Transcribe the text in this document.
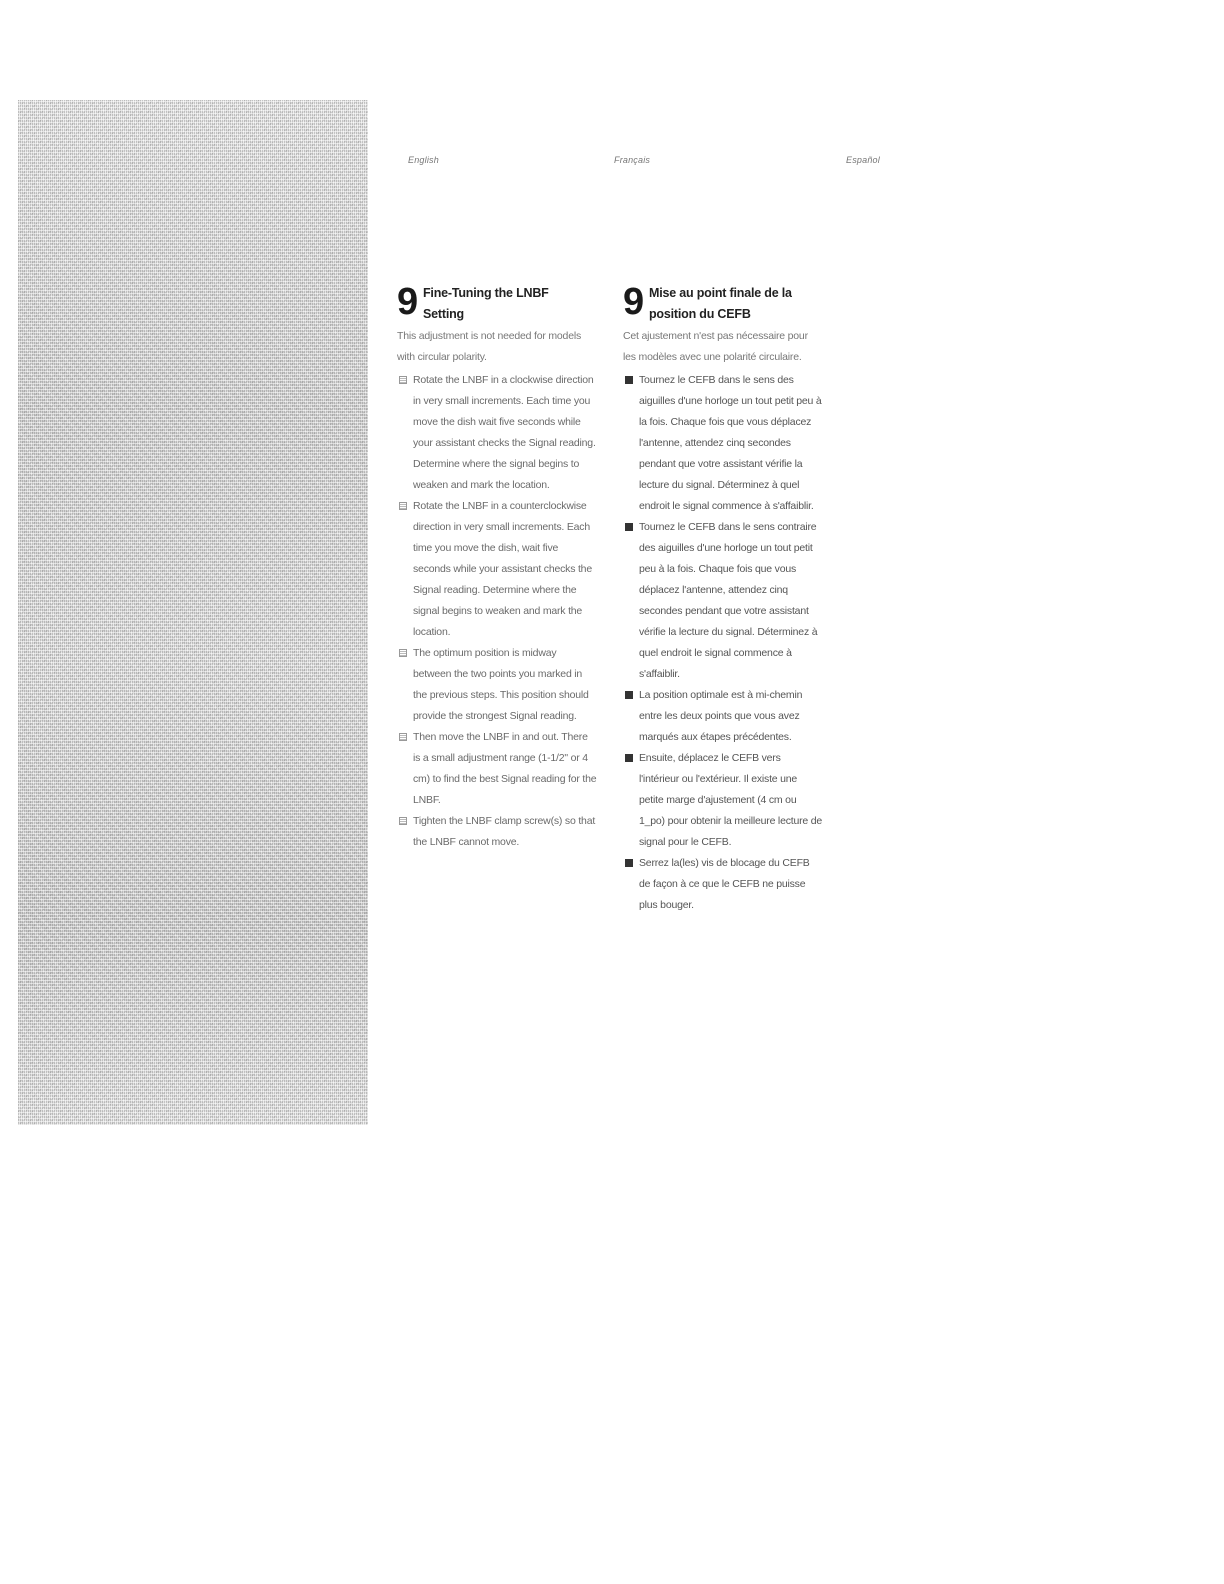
English	Français	Español
9 Fine-Tuning the LNBF
Setting
This adjustment is not needed for models with circular polarity.
Rotate the LNBF in a clockwise direction in very small increments. Each time you move the dish wait five seconds while your assistant checks the Signal reading. Determine where the signal begins to weaken and mark the location.
Rotate the LNBF in a counterclockwise direction in very small increments. Each time you move the dish, wait five seconds while your assistant checks the Signal reading. Determine where the signal begins to weaken and mark the location.
The optimum position is midway between the two points you marked in the previous steps. This position should provide the strongest Signal reading.
Then move the LNBF in and out. There is a small adjustment range (1-1/2" or 4 cm) to find the best Signal reading for the LNBF.
Tighten the LNBF clamp screw(s) so that the LNBF cannot move.
9 Mise au point finale de la
position du CEFB
Cet ajustement n'est pas nécessaire pour les modèles avec une polarité circulaire.
Tournez le CEFB dans le sens des aiguilles d'une horloge un tout petit peu à la fois. Chaque fois que vous déplacez l'antenne, attendez cinq secondes pendant que votre assistant vérifie la lecture du signal. Déterminez à quel endroit le signal commence à s'affaiblir.
Tournez le CEFB dans le sens contraire des aiguilles d'une horloge un tout petit peu à la fois. Chaque fois que vous déplacez l'antenne, attendez cinq secondes pendant que votre assistant vérifie la lecture du signal. Déterminez à quel endroit le signal commence à s'affaiblir.
La position optimale est à mi-chemin entre les deux points que vous avez marqués aux étapes précédentes.
Ensuite, déplacez le CEFB vers l'intérieur ou l'extérieur. Il existe une petite marge d'ajustement (4 cm ou 1_po) pour obtenir la meilleure lecture de signal pour le CEFB.
Serrez la(les) vis de blocage du CEFB de façon à ce que le CEFB ne puisse plus bouger.
